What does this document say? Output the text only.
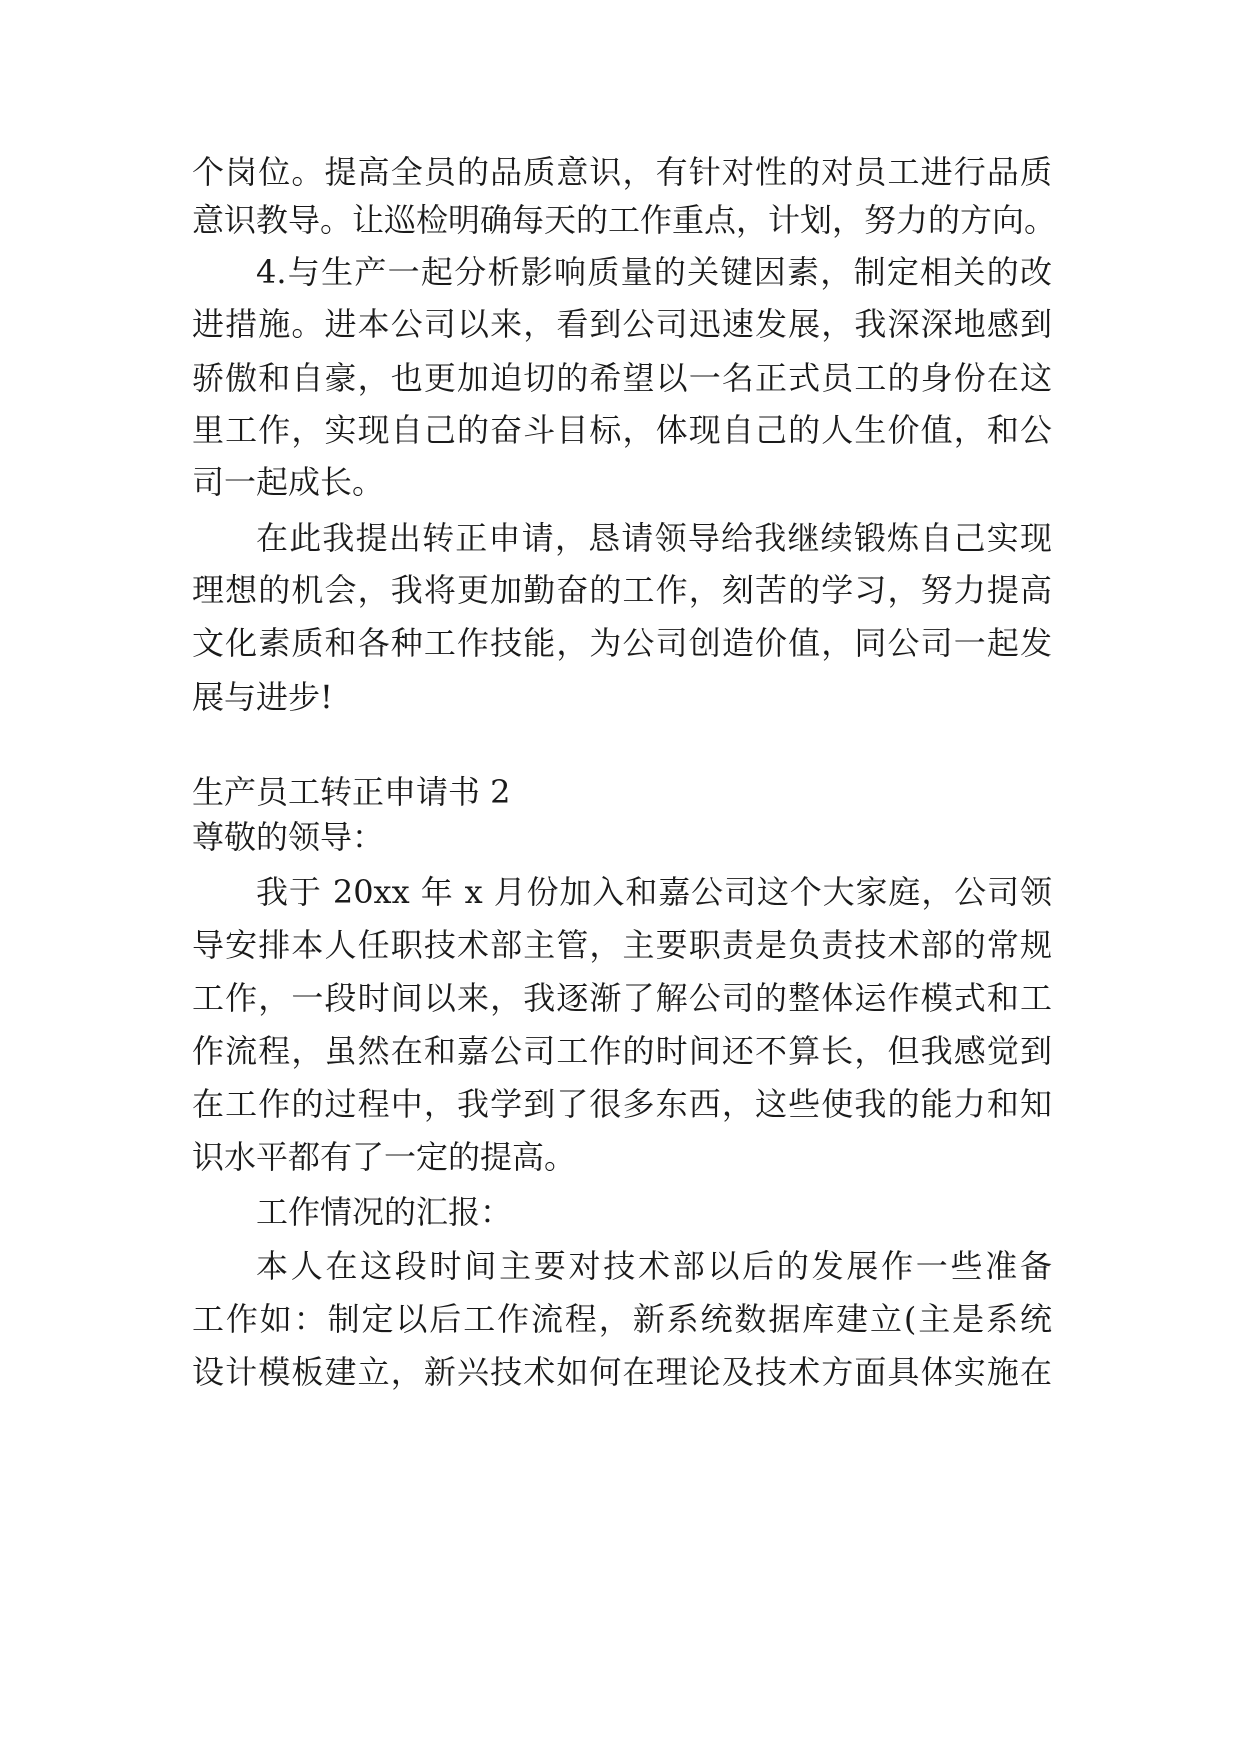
个岗位。提高全员的品质意识，有针对性的对员工进行品质
意识教导。让巡检明确每天的工作重点，计划，努力的方向。
4.与生产一起分析影响质量的关键因素，制定相关的改
进措施。进本公司以来，看到公司迅速发展，我深深地感到
骄傲和自豪，也更加迫切的希望以一名正式员工的身份在这
里工作，实现自己的奋斗目标，体现自己的人生价值，和公
司一起成长。
在此我提出转正申请，恳请领导给我继续锻炼自己实现
理想的机会，我将更加勤奋的工作，刻苦的学习，努力提高
文化素质和各种工作技能，为公司创造价值，同公司一起发
展与进步!
生产员工转正申请书 2
尊敬的领导：
我于 20xx 年 x 月份加入和嘉公司这个大家庭，公司领
导安排本人任职技术部主管，主要职责是负责技术部的常规
工作，一段时间以来，我逐渐了解公司的整体运作模式和工
作流程，虽然在和嘉公司工作的时间还不算长，但我感觉到
在工作的过程中，我学到了很多东西，这些使我的能力和知
识水平都有了一定的提高。
工作情况的汇报：
本人在这段时间主要对技术部以后的发展作一些准备
工作如：制定以后工作流程，新系统数据库建立(主是系统
设计模板建立，新兴技术如何在理论及技术方面具体实施在
